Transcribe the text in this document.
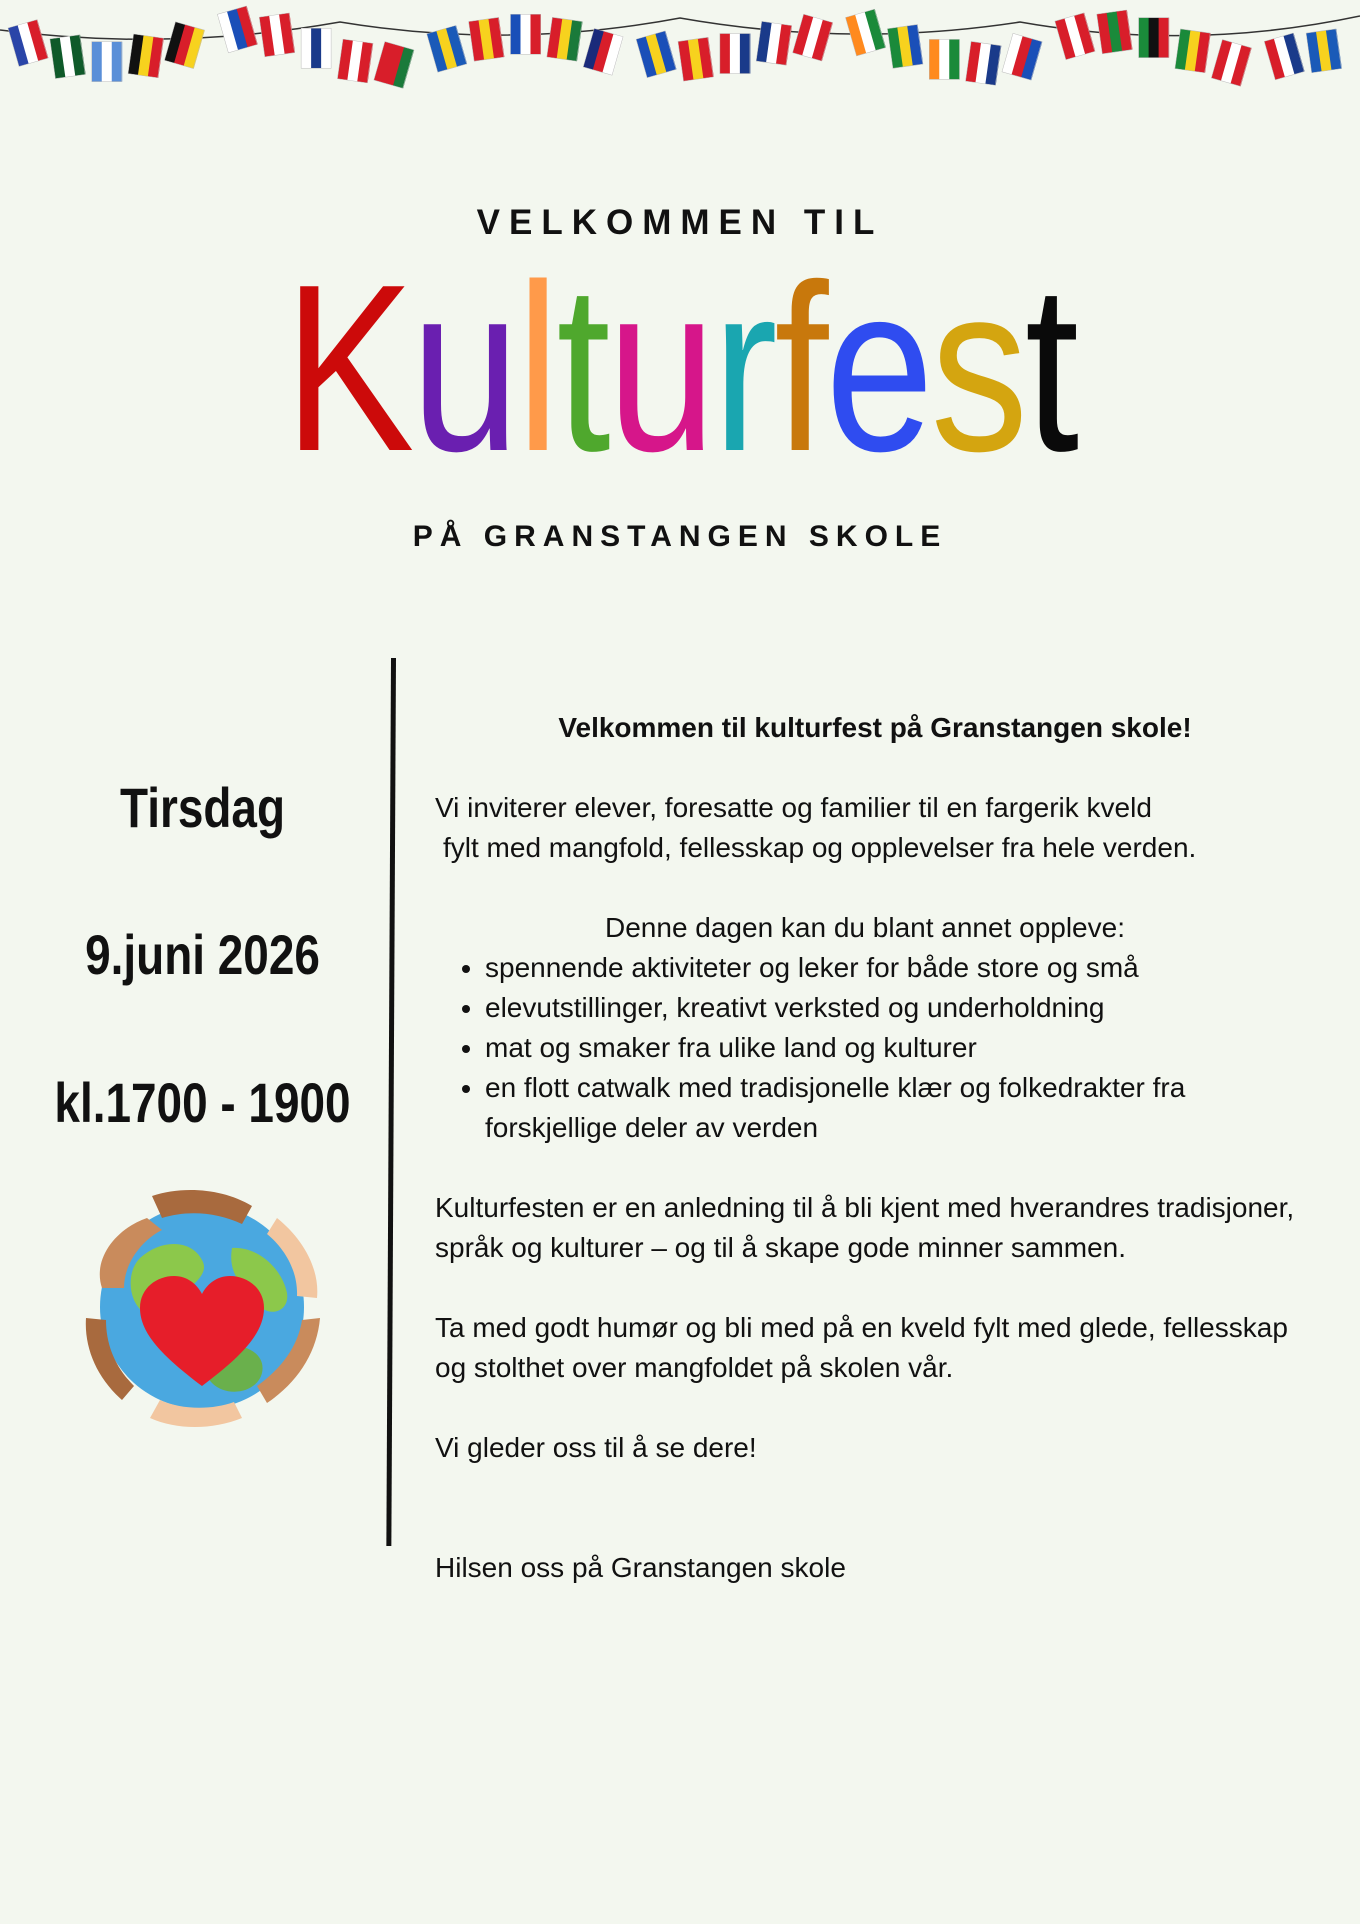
VELKOMMEN TIL
Kulturfest
PÅ GRANSTANGEN SKOLE
Tirsdag
9.juni 2026
kl.1700 - 1900

Velkommen til kulturfest på Granstangen skole!

Vi inviterer elever, foresatte og familier til en fargerik kveld

fylt med mangfold, fellesskap og opplevelser fra hele verden.

Denne dagen kan du blant annet oppleve:

• spennende aktiviteter og leker for både store og små
• elevutstillinger, kreativt verksted og underholdning
• mat og smaker fra ulike land og kulturer
• en flott catwalk med tradisjonelle klær og folkedrakter fra forskjellige deler av verden

Kulturfesten er en anledning til å bli kjent med hverandres tradisjoner, språk og kulturer – og til å skape gode minner sammen.

Ta med godt humør og bli med på en kveld fylt med glede, fellesskap og stolthet over mangfoldet på skolen vår.

Vi gleder oss til å se dere!

Hilsen oss på Granstangen skole
